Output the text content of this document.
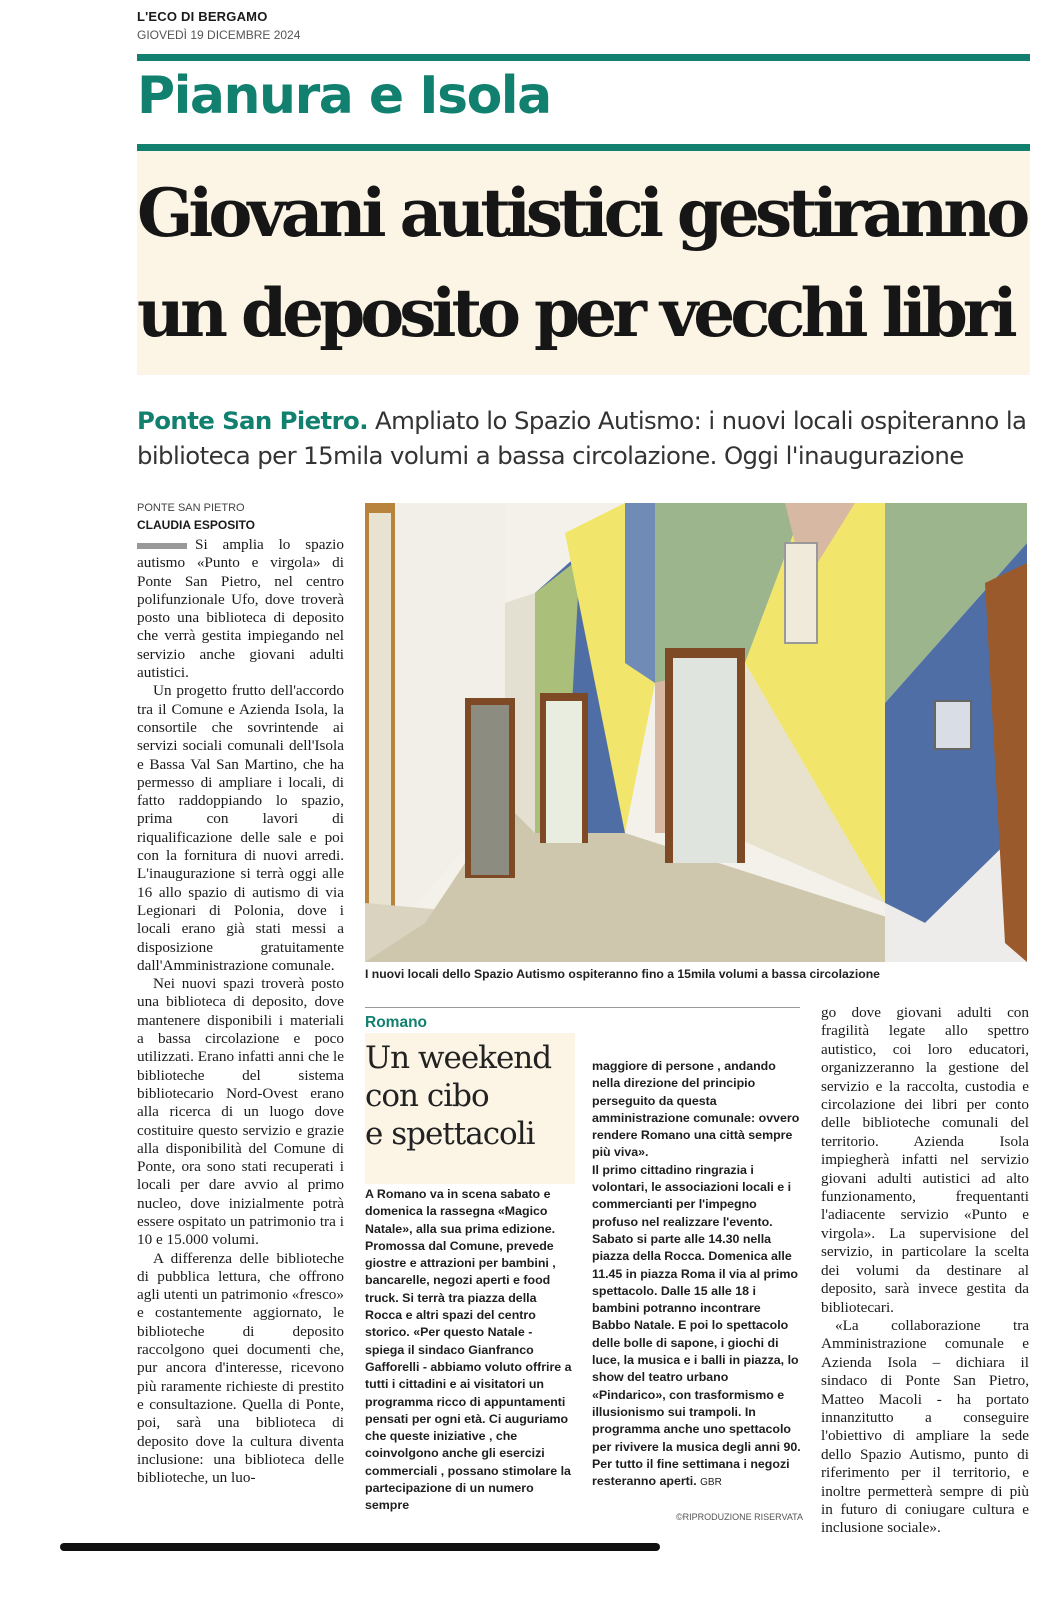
L'ECO DI BERGAMO
GIOVEDÌ 19 DICEMBRE 2024
Pianura e Isola
Giovani autistici gestiranno
un deposito per vecchi libri
Ponte San Pietro. Ampliato lo Spazio Autismo: i nuovi locali ospiteranno la biblioteca per 15mila volumi a bassa circolazione. Oggi l'inaugurazione
PONTE SAN PIETRO
CLAUDIA ESPOSITO

Si amplia lo spazio autismo «Punto e virgola» di Ponte San Pietro, nel centro polifunzionale Ufo, dove troverà posto una biblioteca di deposito che verrà gestita impiegando nel servizio anche giovani adulti autistici.

Un progetto frutto dell'accordo tra il Comune e Azienda Isola, la consortile che sovrintende ai servizi sociali comunali dell'Isola e Bassa Val San Martino, che ha permesso di ampliare i locali, di fatto raddoppiando lo spazio, prima con lavori di riqualificazione delle sale e poi con la fornitura di nuovi arredi. L'inaugurazione si terrà oggi alle 16 allo spazio di autismo di via Legionari di Polonia, dove i locali erano già stati messi a disposizione gratuitamente dall'Amministrazione comunale.

Nei nuovi spazi troverà posto una biblioteca di deposito, dove mantenere disponibili i materiali a bassa circolazione e poco utilizzati. Erano infatti anni che le biblioteche del sistema bibliotecario Nord-Ovest erano alla ricerca di un luogo dove costituire questo servizio e grazie alla disponibilità del Comune di Ponte, ora sono stati recuperati i locali per dare avvio al primo nucleo, dove inizialmente potrà essere ospitato un patrimonio tra i 10 e 15.000 volumi.

A differenza delle biblioteche di pubblica lettura, che offrono agli utenti un patrimonio «fresco» e costantemente aggiornato, le biblioteche di deposito raccolgono quei documenti che, pur ancora d'interesse, ricevono più raramente richieste di prestito e consultazione. Quella di Ponte, poi, sarà una biblioteca di deposito dove la cultura diventa inclusione: una biblioteca delle biblioteche, un luo-

I nuovi locali dello Spazio Autismo ospiteranno fino a 15mila volumi a bassa circolazione
Romano
Un weekend
con cibo
e spettacoli

A Romano va in scena sabato e domenica la rassegna «Magico Natale», alla sua prima edizione. Promossa dal Comune, prevede giostre e attrazioni per bambini , bancarelle, negozi aperti e food truck. Si terrà tra piazza della Rocca e altri spazi del centro storico. «Per questo Natale - spiega il sindaco Gianfranco Gafforelli - abbiamo voluto offrire a tutti i cittadini e ai visitatori un programma ricco di appuntamenti pensati per ogni età. Ci auguriamo che queste iniziative , che coinvolgono anche gli esercizi commerciali , possano stimolare la partecipazione di un numero sempre

maggiore di persone , andando nella direzione del principio perseguito da questa amministrazione comunale: ovvero rendere Romano una città sempre più viva».

Il primo cittadino ringrazia i volontari, le associazioni locali e i commercianti per l'impegno profuso nel realizzare l'evento. Sabato si parte alle 14.30 nella piazza della Rocca. Domenica alle 11.45 in piazza Roma il via al primo spettacolo. Dalle 15 alle 18 i bambini potranno incontrare Babbo Natale. E poi lo spettacolo delle bolle di sapone, i giochi di luce, la musica e i balli in piazza, lo show del teatro urbano «Pindarico», con trasformismo e illusionismo sui trampoli. In programma anche uno spettacolo per rivivere la musica degli anni 90. Per tutto il fine settimana i negozi resteranno aperti. GBR

©RIPRODUZIONE RISERVATA

go dove giovani adulti con fragilità legate allo spettro autistico, coi loro educatori, organizzeranno la gestione del servizio e la raccolta, custodia e circolazione dei libri per conto delle biblioteche comunali del territorio. Azienda Isola impiegherà infatti nel servizio giovani adulti autistici ad alto funzionamento, frequentanti l'adiacente servizio «Punto e virgola». La supervisione del servizio, in particolare la scelta dei volumi da destinare al deposito, sarà invece gestita da bibliotecari.

«La collaborazione tra Amministrazione comunale e Azienda Isola – dichiara il sindaco di Ponte San Pietro, Matteo Macoli - ha portato innanzitutto a conseguire l'obiettivo di ampliare la sede dello Spazio Autismo, punto di riferimento per il territorio, e inoltre permetterà sempre di più in futuro di coniugare cultura e inclusione sociale».
